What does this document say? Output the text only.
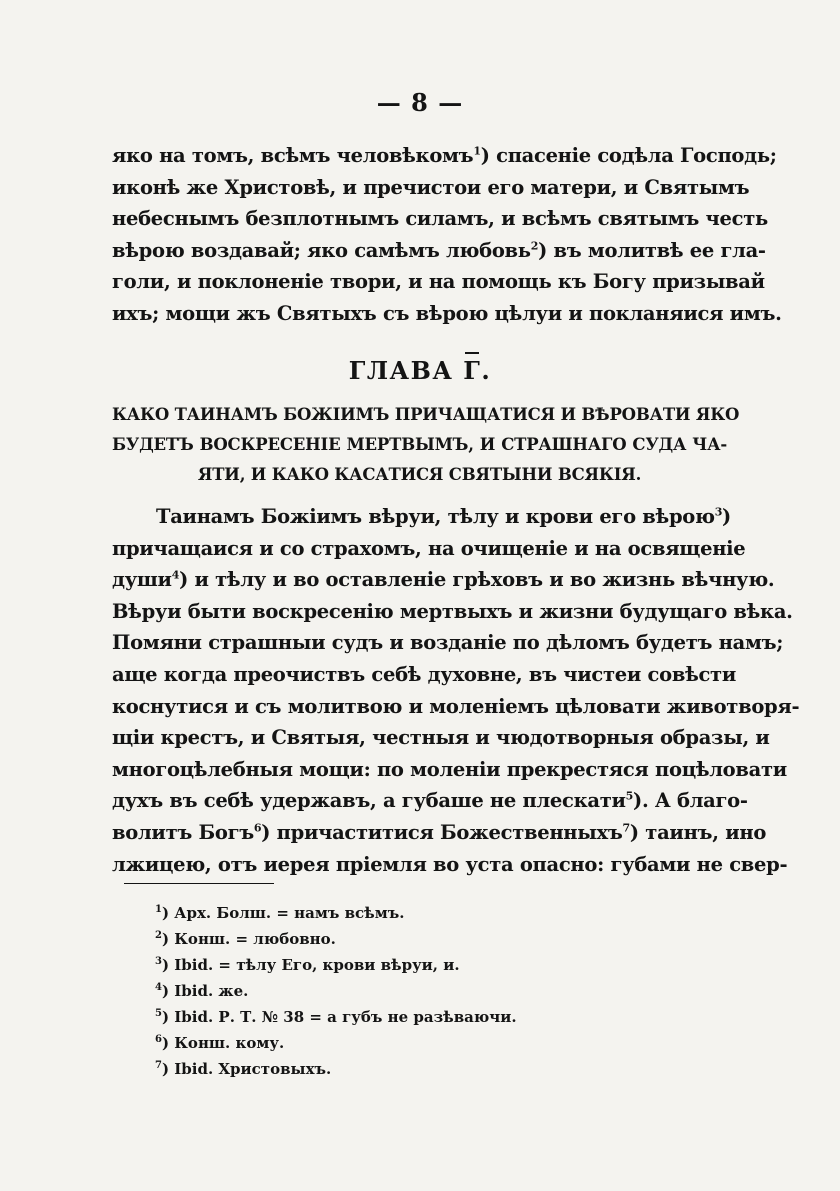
— 8 —
яко на томъ, всѣмъ человѣкомъ$^1$) спасеніе содѣла Господь;
иконѣ же Христовѣ, и пречистои его матери, и Святымъ
небеснымъ безплотнымъ силамъ, и всѣмъ святымъ честь
вѣрою воздавай; яко самѣмъ любовь$^2$) въ молитвѣ ее гла-
голи, и поклоненіе твори, и на помощь къ Богу призывай
ихъ; мощи жъ Святыхъ съ вѣрою цѣлуи и покланяися имъ.
ГЛАВА Г.
КАКО ТАИНАМЪ БОЖІИМЪ ПРИЧАЩАТИСЯ И ВѢРОВАТИ ЯКО
БУДЕТЪ ВОСКРЕСЕНІЕ МЕРТВЫМЪ, И СТРАШНАГО СУДА ЧА-
ЯТИ, И КАКО КАСАТИСЯ СВЯТЫНИ ВСЯКІЯ.
Таинамъ Божіимъ вѣруи, тѣлу и крови его вѣрою$^3$)
причащаися и со страхомъ, на очищеніе и на освященіе
души$^4$) и тѣлу и во оставленіе грѣховъ и во жизнь вѣчную.
Вѣруи быти воскресенію мертвыхъ и жизни будущаго вѣка.
Помяни страшныи судъ и возданіе по дѣломъ будетъ намъ;
аще когда преочиствъ себѣ духовне, въ чистеи совѣсти
коснутися и съ молитвою и моленіемъ цѣловати животворя-
щіи крестъ, и Святыя, честныя и чюдотворныя образы, и
многоцѣлебныя мощи: по моленіи прекрестяся поцѣловати
духъ въ себѣ удержавъ, а губаше не плескати$^5$). А благо-
волитъ Богъ$^6$) причаститися Божественныхъ$^7$) таинъ, ино
лжицею, отъ иерея пріемля во уста опасно: губами не свер-
$^1$) Арх. Болш. = намъ всѣмъ.
$^2$) Конш. = любовно.
$^3$) Ibid. = тѣлу Его, крови вѣруи, и.
$^4$) Ibid. же.
$^5$) Ibid. Р. Т. № 38 = а губъ не разѣваючи.
$^6$) Конш. кому.
$^7$) Ibid. Христовыхъ.
